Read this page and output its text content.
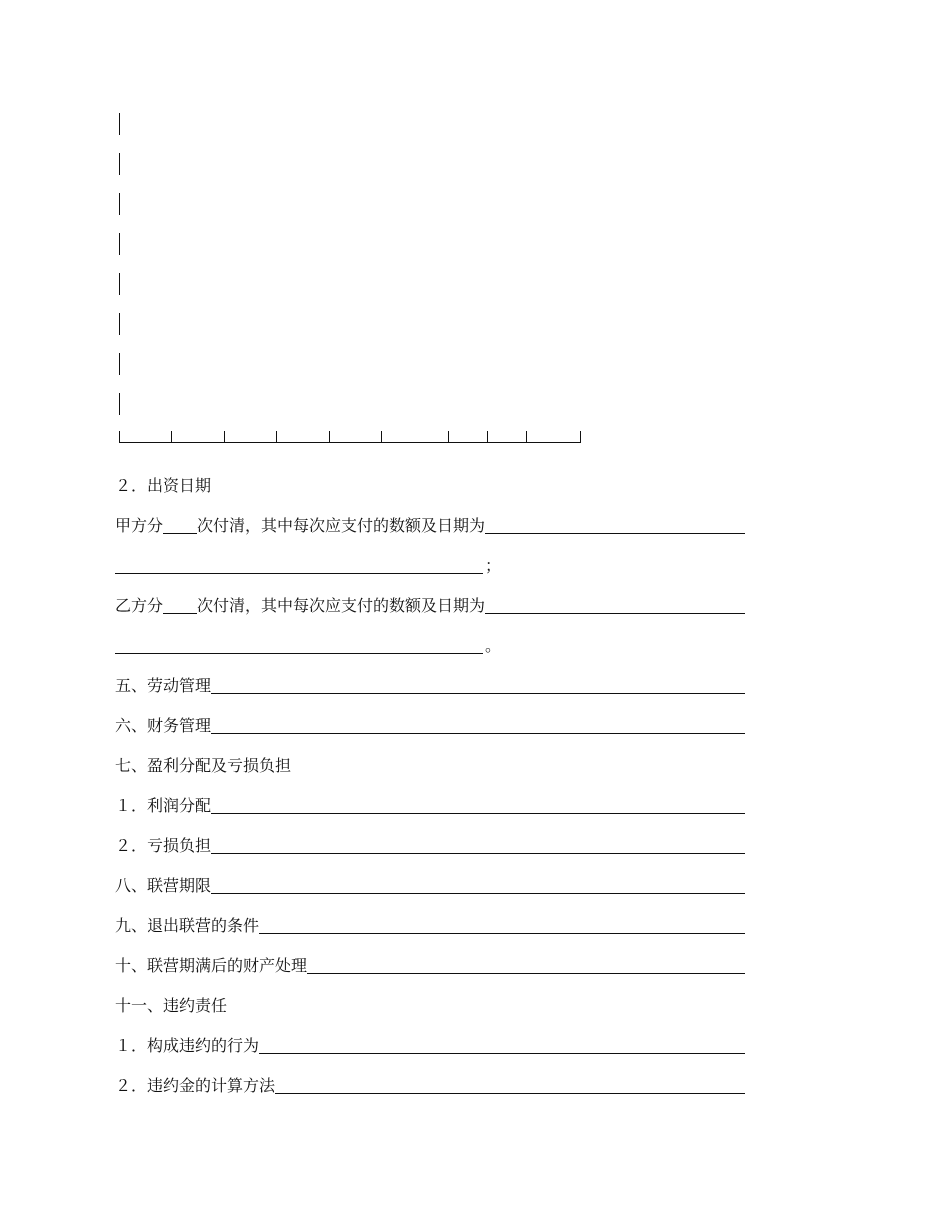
２．出资日期
甲方分 次付清，其中每次应支付的数额及日期为
；
乙方分 次付清，其中每次应支付的数额及日期为
。
五、劳动管理
六、财务管理
七、盈利分配及亏损负担
１．利润分配
２．亏损负担
八、联营期限
九、退出联营的条件
十、联营期满后的财产处理
十一、违约责任
１．构成违约的行为
２．违约金的计算方法
